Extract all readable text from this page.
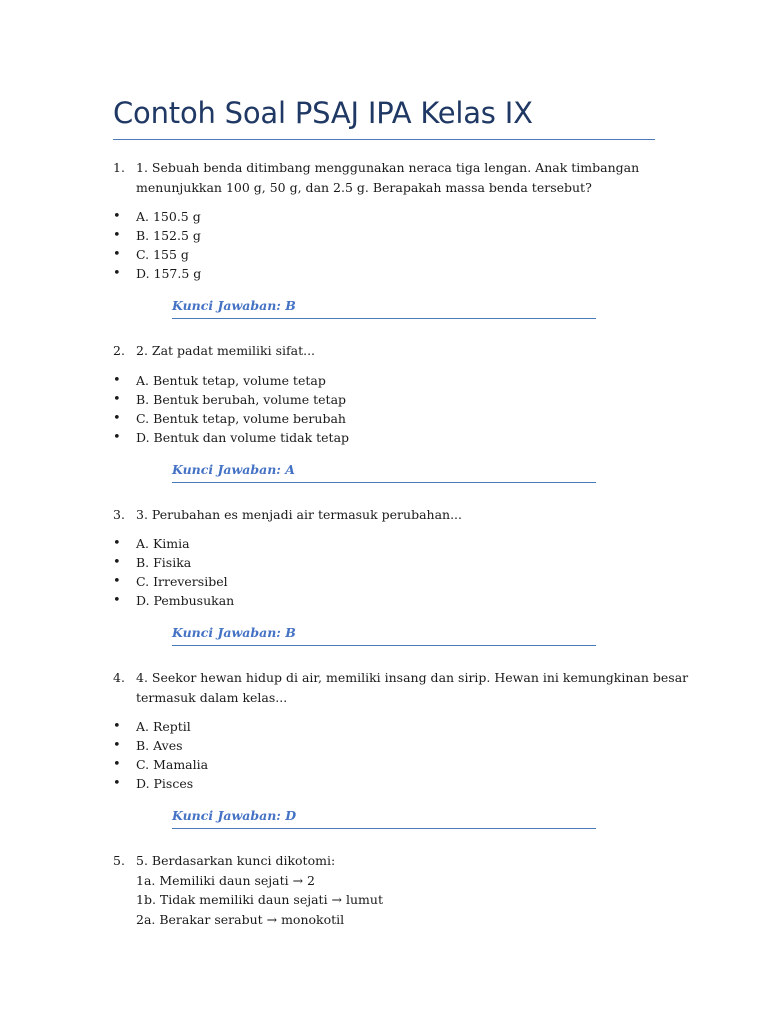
Contoh Soal PSAJ IPA Kelas IX
1. 1. Sebuah benda ditimbang menggunakan neraca tiga lengan. Anak timbangan
menunjukkan 100 g, 50 g, dan 2.5 g. Berapakah massa benda tersebut?
• A. 150.5 g
• B. 152.5 g
• C. 155 g
• D. 157.5 g
Kunci Jawaban: B
2. 2. Zat padat memiliki sifat...
• A. Bentuk tetap, volume tetap
• B. Bentuk berubah, volume tetap
• C. Bentuk tetap, volume berubah
• D. Bentuk dan volume tidak tetap
Kunci Jawaban: A
3. 3. Perubahan es menjadi air termasuk perubahan...
• A. Kimia
• B. Fisika
• C. Irreversibel
• D. Pembusukan
Kunci Jawaban: B
4. 4. Seekor hewan hidup di air, memiliki insang dan sirip. Hewan ini kemungkinan besar
termasuk dalam kelas...
• A. Reptil
• B. Aves
• C. Mamalia
• D. Pisces
Kunci Jawaban: D
5. 5. Berdasarkan kunci dikotomi:
1a. Memiliki daun sejati → 2
1b. Tidak memiliki daun sejati → lumut
2a. Berakar serabut → monokotil
